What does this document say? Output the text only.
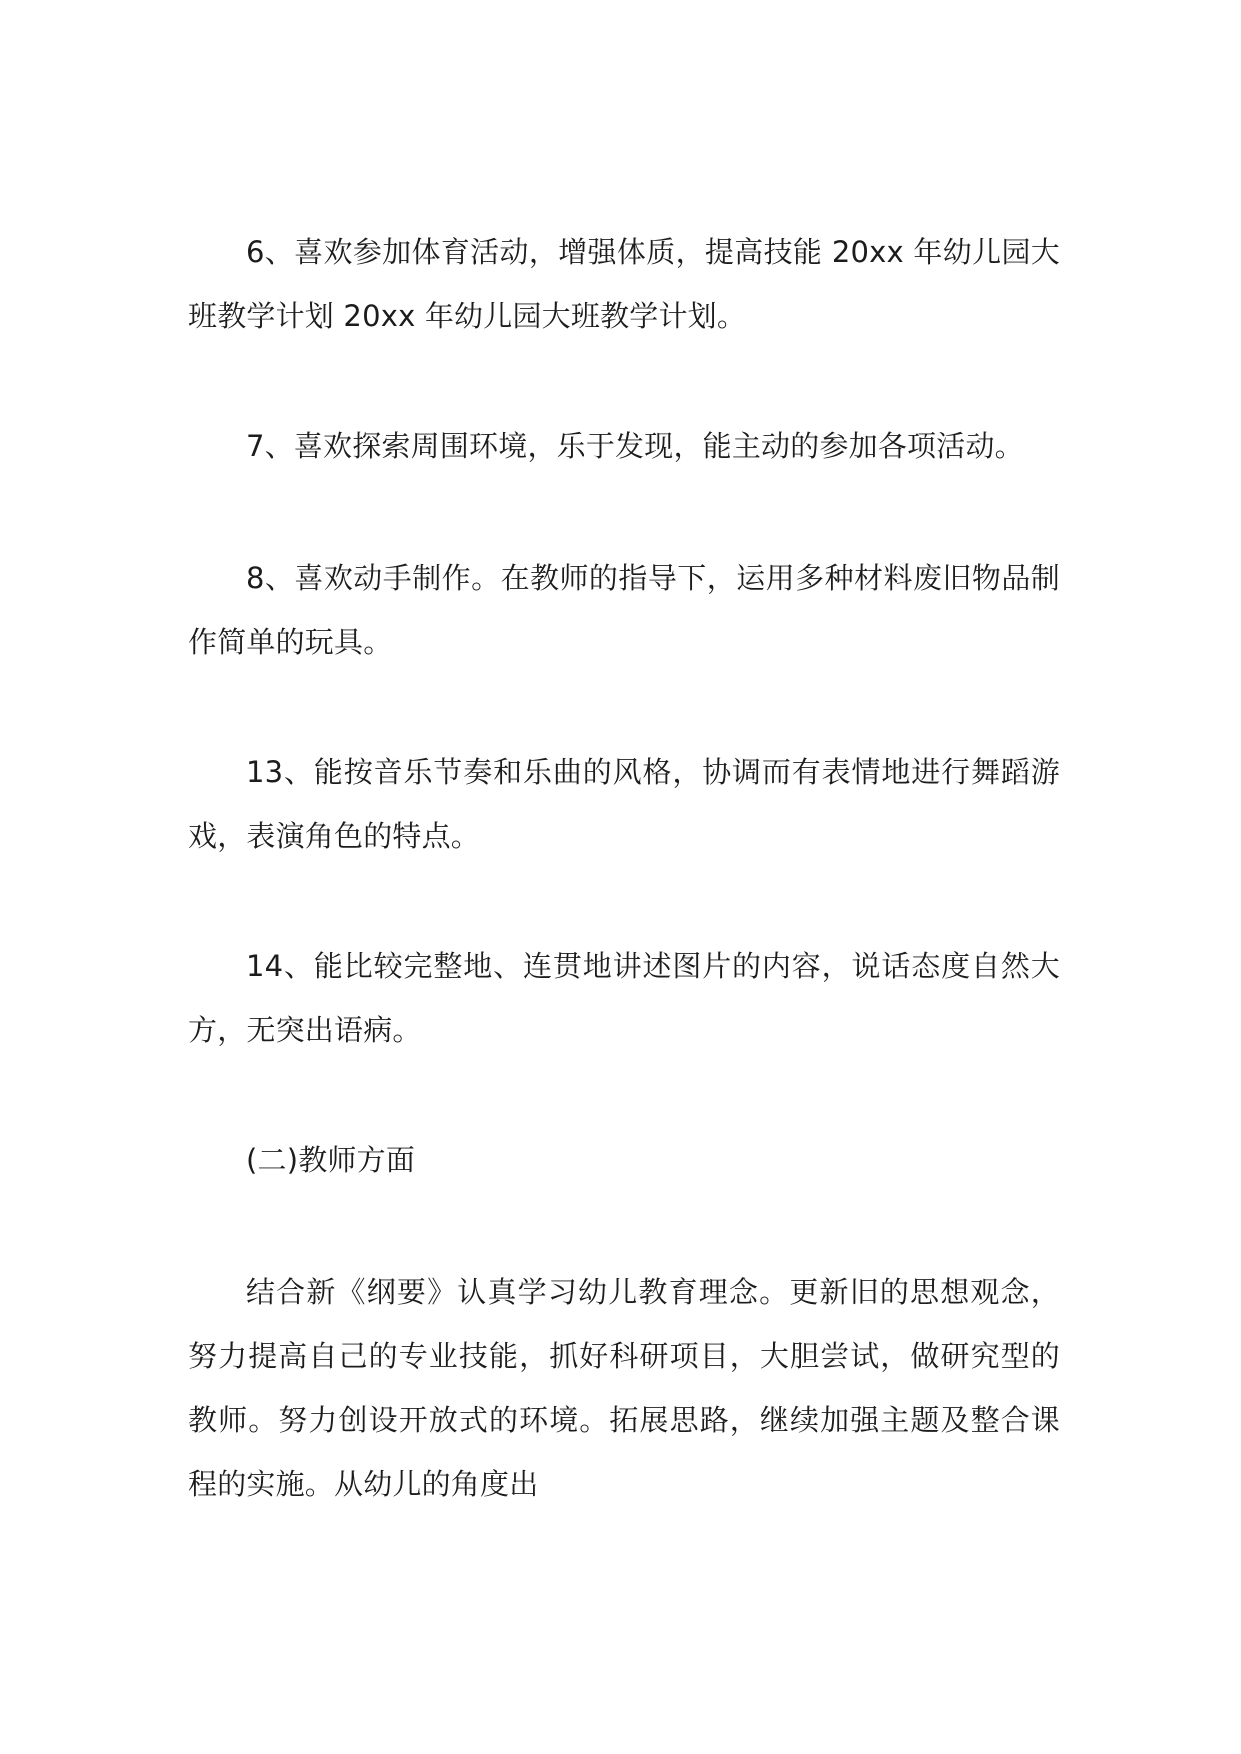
6、喜欢参加体育活动，增强体质，提高技能 20xx 年幼儿园大班教学计划 20xx 年幼儿园大班教学计划。

7、喜欢探索周围环境，乐于发现，能主动的参加各项活动。

8、喜欢动手制作。在教师的指导下，运用多种材料废旧物品制作简单的玩具。

13、能按音乐节奏和乐曲的风格，协调而有表情地进行舞蹈游戏，表演角色的特点。

14、能比较完整地、连贯地讲述图片的内容，说话态度自然大方，无突出语病。

(二)教师方面

结合新《纲要》认真学习幼儿教育理念。更新旧的思想观念，努力提高自己的专业技能，抓好科研项目，大胆尝试，做研究型的教师。努力创设开放式的环境。拓展思路，继续加强主题及整合课程的实施。从幼儿的角度出
